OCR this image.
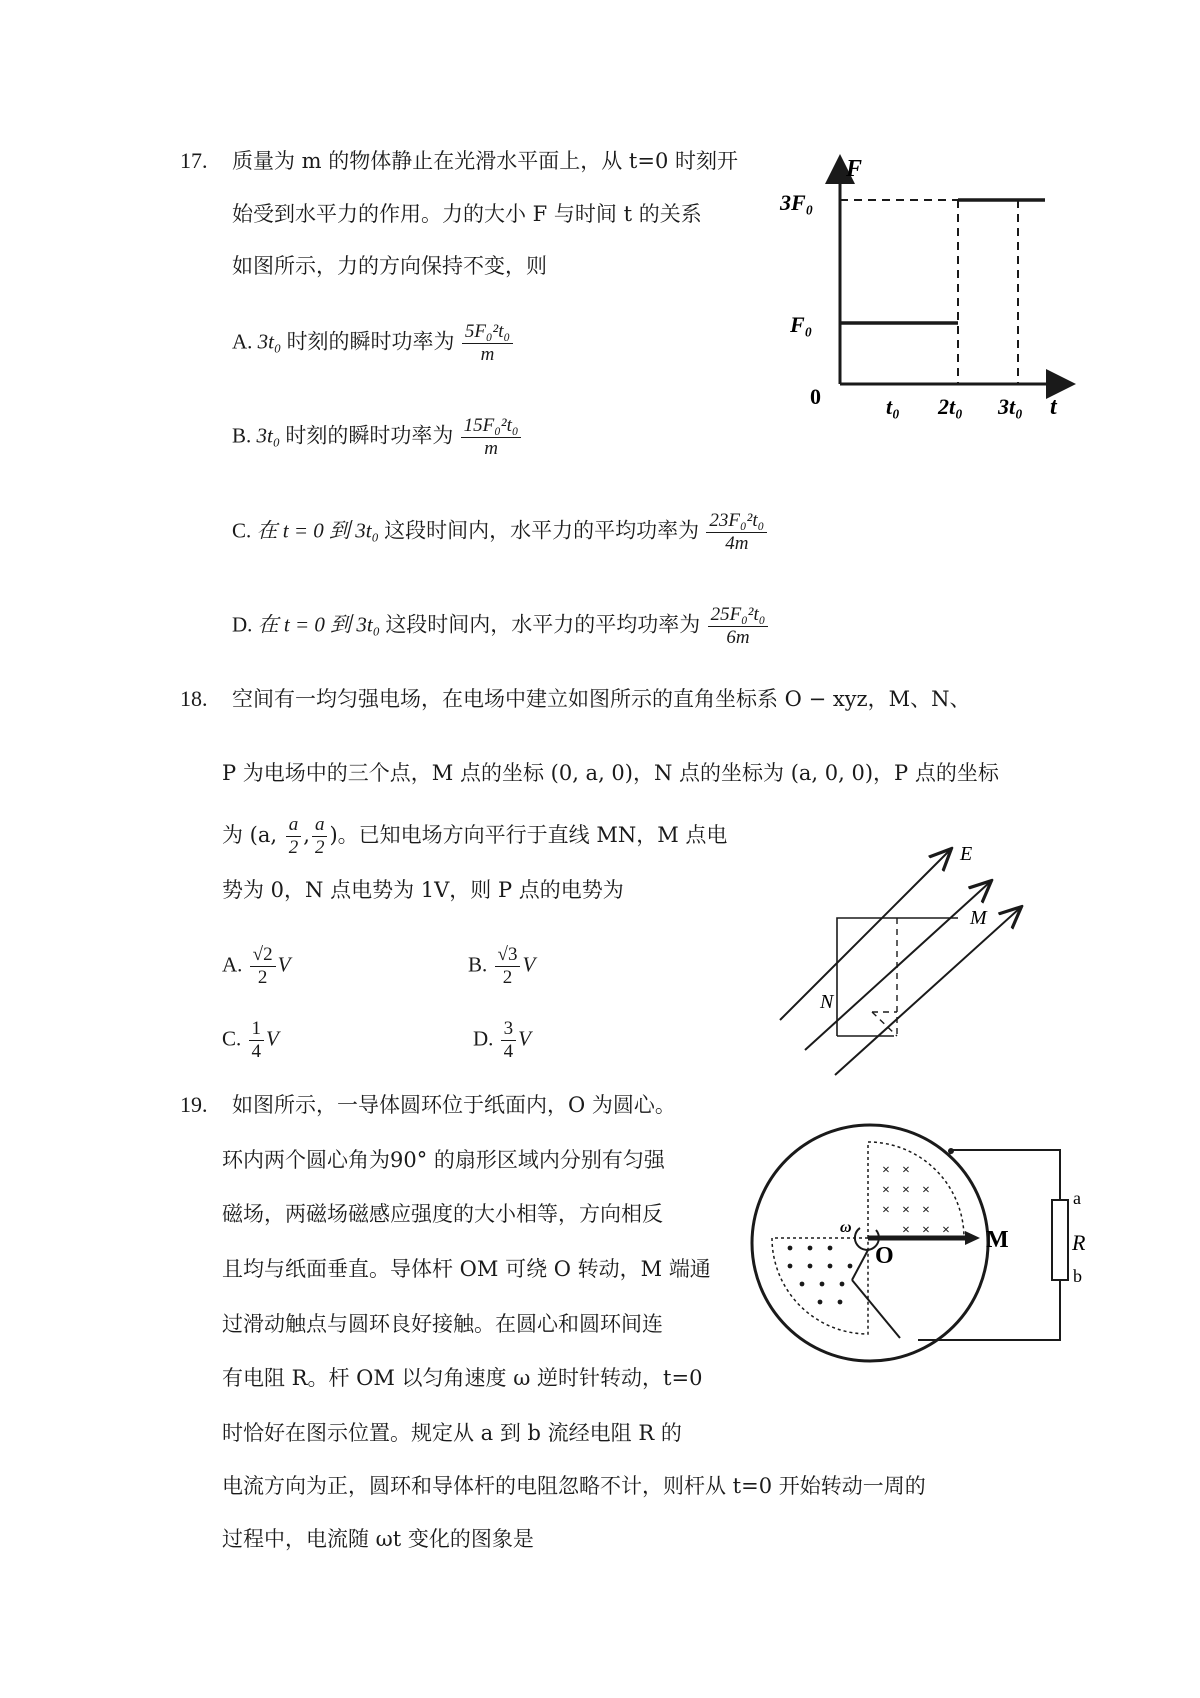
17. 质量为 m 的物体静止在光滑水平面上，从 t=0 时刻开
始受到水平力的作用。力的大小 F 与时间 t 的关系
如图所示，力的方向保持不变，则
A. 3t₀ 时刻的瞬时功率为 $\frac{\text{5F₀²t₀}}{m}$
B. 3t₀ 时刻的瞬时功率为 $\frac{\text{15F₀²t₀}}{m}$
C. 在 t = 0 到 3t₀ 这段时间内，水平力的平均功率为 $\frac{\text{23F₀²t₀}}{4m}$
D. 在 t = 0 到 3t₀ 这段时间内，水平力的平均功率为 $\frac{\text{25F₀²t₀}}{6m}$
F
t
3F₀
F₀
0	t₀ 2t₀ 3t₀
18. 空间有一均匀强电场，在电场中建立如图所示的直角坐标系 O − xyz，M、N、
P 为电场中的三个点，M 点的坐标 (0, a, 0)，N 点的坐标为 (a, 0, 0)，P 点的坐标
为 (a, $\frac{a}{2}$ , $\frac{a}{2}$ )。已知电场方向平行于直线 MN，M 点电
势为 0，N 点电势为 1V，则 P 点的电势为
A. $\frac{√2}{2}$ V	B. $\frac{√3}{2}$ V
C. $\frac{1}{4}$ V	D. $\frac{3}{4}$ V
E
M
N
19. 如图所示，一导体圆环位于纸面内，O 为圆心。
环内两个圆心角为90° 的扇形区域内分别有匀强
磁场，两磁场磁感应强度的大小相等，方向相反
且均与纸面垂直。导体杆 OM 可绕 O 转动，M 端通
过滑动触点与圆环良好接触。在圆心和圆环间连
有电阻 R。杆 OM 以匀角速度 ω 逆时针转动，t=0
时恰好在图示位置。规定从 a 到 b 流经电阻 R 的
电流方向为正，圆环和导体杆的电阻忽略不计，则杆从 t=0 开始转动一周的
过程中，电流随 ωt 变化的图象是
× ×
× × ×
× × ×
× × ×
O
M	R
a
b
ω
